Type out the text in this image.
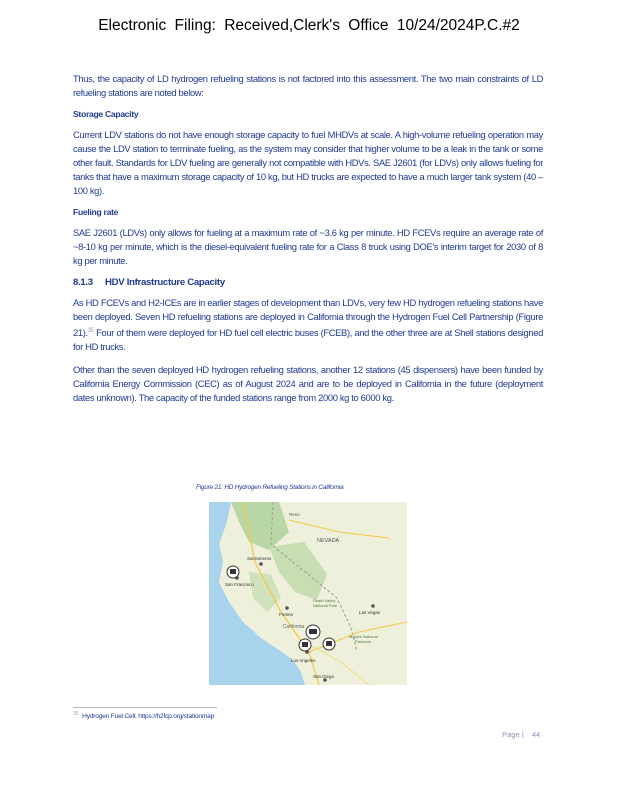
Electronic Filing: Received,Clerk's Office 10/24/2024P.C.#2

Thus, the capacity of LD hydrogen refueling stations is not factored into this assessment. The two main constraints of LD refueling stations are noted below:

Storage Capacity

Current LDV stations do not have enough storage capacity to fuel MHDVs at scale. A high-volume refueling operation may cause the LDV station to terminate fueling, as the system may consider that higher volume to be a leak in the tank or some other fault. Standards for LDV fueling are generally not compatible with HDVs. SAE J2601 (for LDVs) only allows fueling for tanks that have a maximum storage capacity of 10 kg, but HD trucks are expected to have a much larger tank system (40 – 100 kg).

Fueling rate

SAE J2601 (LDVs) only allows for fueling at a maximum rate of ~3.6 kg per minute. HD FCEVs require an average rate of ~8-10 kg per minute, which is the diesel-equivalent fueling rate for a Class 8 truck using DOE's interim target for 2030 of 8 kg per minute.

8.1.3 HDV Infrastructure Capacity

As HD FCEVs and H2-ICEs are in earlier stages of development than LDVs, very few HD hydrogen refueling stations have been deployed. Seven HD refueling stations are deployed in California through the Hydrogen Fuel Cell Partnership (Figure 21).$^{35}$ Four of them were deployed for HD fuel cell electric buses (FCEB), and the other three are at Shell stations designed for HD trucks.

Other than the seven deployed HD hydrogen refueling stations, another 12 stations (45 dispensers) have been funded by California Energy Commission (CEC) as of August 2024 and are to be deployed in California in the future (deployment dates unknown). The capacity of the funded stations range from 2000 kg to 6000 kg.

Figure 21: HD Hydrogen Refueling Stations in California
NEVADA
Reno
Sacramento
San Francisco
Fresno	Las Vegas
Death Valley
National Park
California
Mojave National
Preserve
Los Angeles
San Diego
$^{35}$ Hydrogen Fuel Cell, https://h2fcp.org/stationmap
Page | 44
